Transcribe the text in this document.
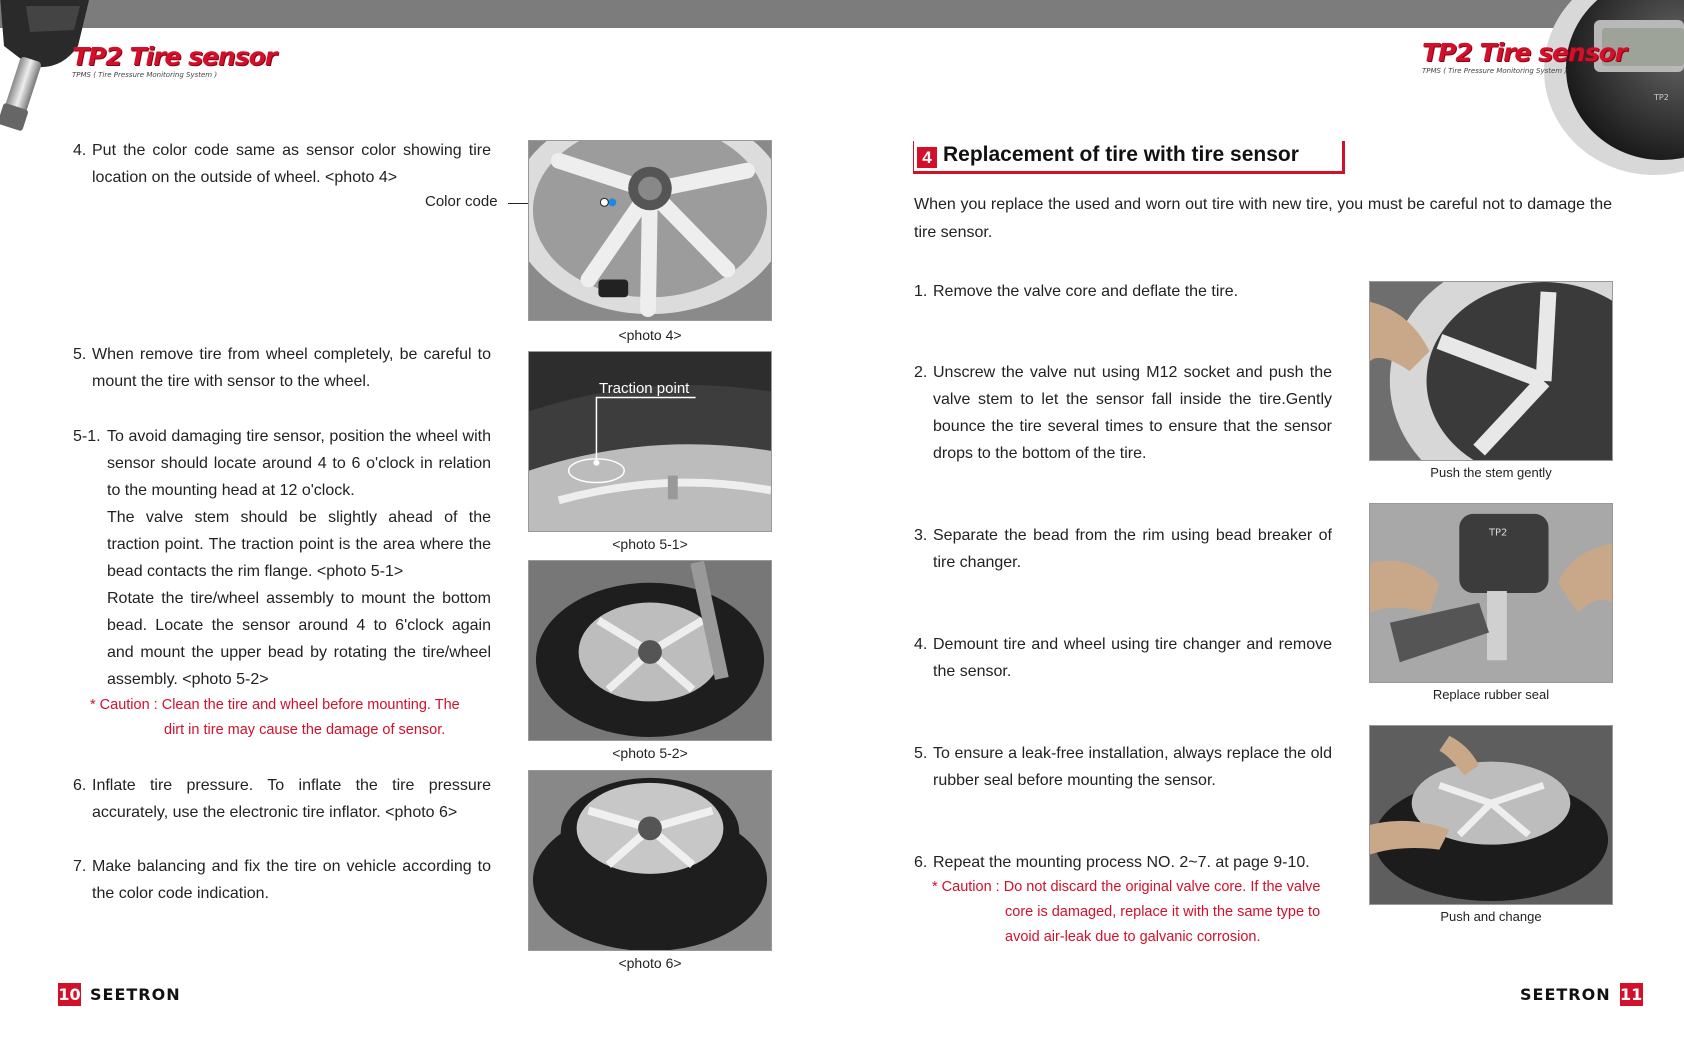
TP2
TP2 Tire sensor
TPMS ( Tire Pressure Monitoring System )
TP2 Tire sensor
TPMS ( Tire Pressure Monitoring System )
4. Put the color code same as sensor color showing tire location on the outside of wheel. <photo 4>
Color code
5. When remove tire from wheel completely, be careful to mount the tire with sensor to the wheel.
5-1. To avoid damaging tire sensor, position the wheel with sensor should locate around 4 to 6 o'clock in relation to the mounting head at 12 o'clock.
The valve stem should be slightly ahead of the traction point. The traction point is the area where the bead contacts the rim flange. <photo 5-1>
Rotate the tire/wheel assembly to mount the bottom bead. Locate the sensor around 4 to 6'clock again and mount the upper bead by rotating the tire/wheel assembly. <photo 5-2>
* Caution : Clean the tire and wheel before mounting. The
dirt in tire may cause the damage of sensor.
6. Inflate tire pressure. To inflate the tire pressure accurately, use the electronic tire inflator. <photo 6>
7. Make balancing and fix the tire on vehicle according to the color code indication.
<photo 4>
Traction point
<photo 5-1>
<photo 5-2>
<photo 6>
4 Replacement of tire with tire sensor
When you replace the used and worn out tire with new tire, you must be careful not to damage the tire sensor.
1. Remove the valve core and deflate the tire.
2. Unscrew the valve nut using M12 socket and push the valve stem to let the sensor fall inside the tire.Gently bounce the tire several times to ensure that the sensor drops to the bottom of the tire.
3. Separate the bead from the rim using bead breaker of tire changer.
4. Demount tire and wheel using tire changer and remove the sensor.
5. To ensure a leak-free installation, always replace the old rubber seal before mounting the sensor.
6. Repeat the mounting process NO. 2~7. at page 9-10.
* Caution : Do not discard the original valve core. If the valve
core is damaged, replace it with the same type to
avoid air-leak due to galvanic corrosion.
Push the stem gently
TP2
Replace rubber seal
Push and change
10 SEETRON	SEETRON 11
